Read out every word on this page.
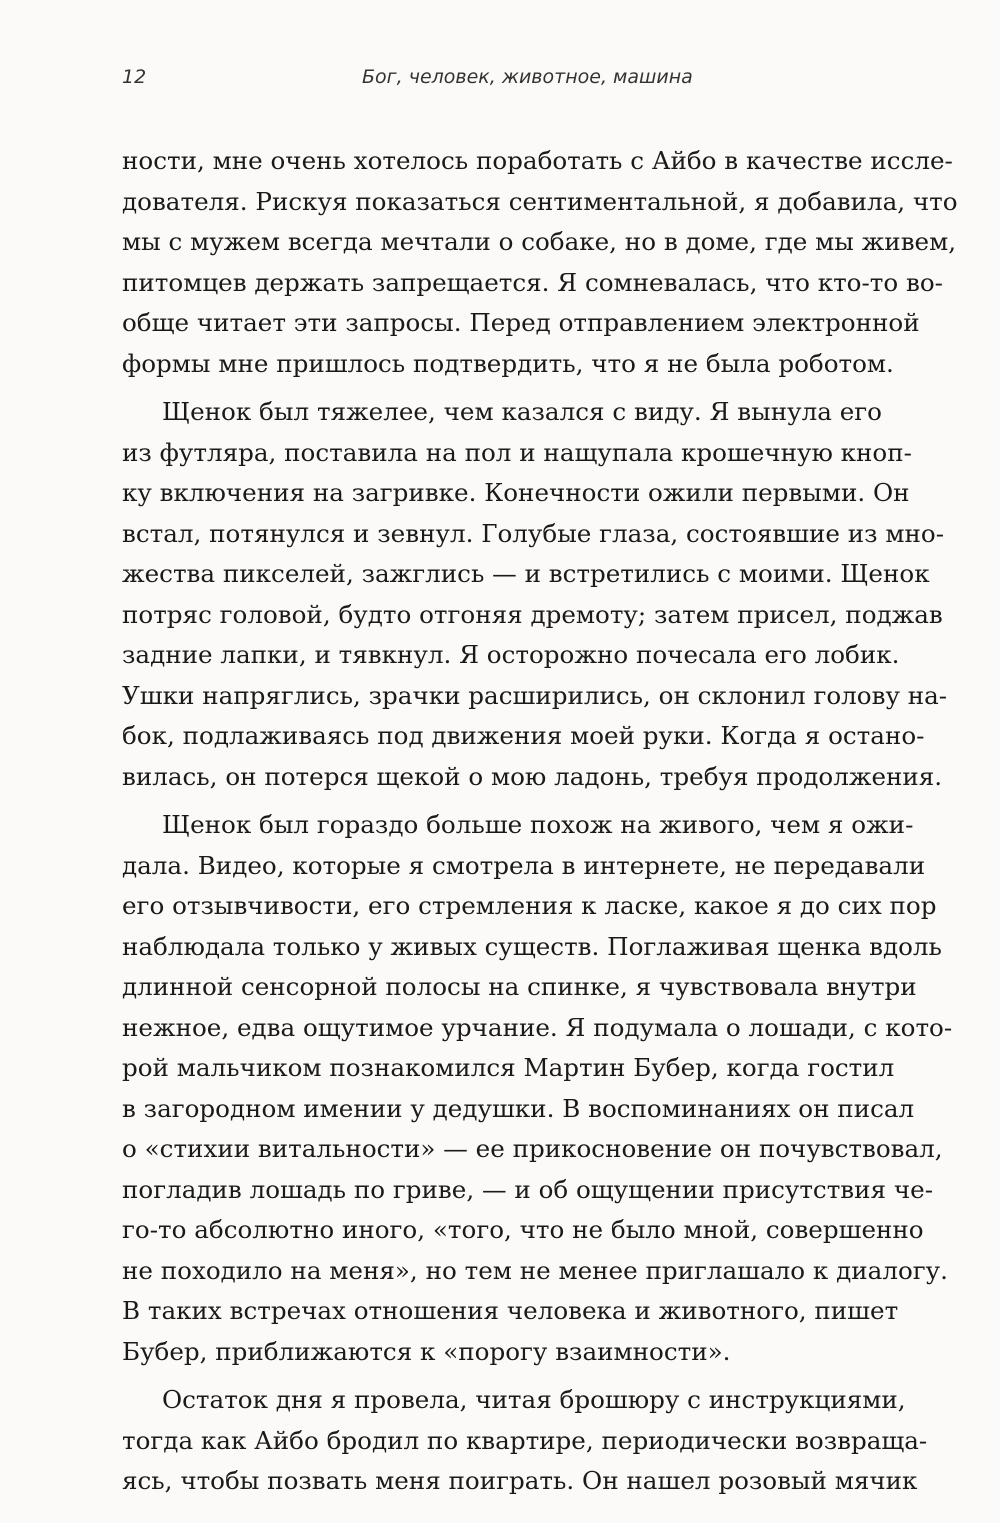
12	Бог, человек, животное, машина
ности, мне очень хотелось поработать с Айбо в качестве иссле-
дователя. Рискуя показаться сентиментальной, я добавила, что
мы с мужем всегда мечтали о собаке, но в доме, где мы живем,
питомцев держать запрещается. Я сомневалась, что кто-то во-
обще читает эти запросы. Перед отправлением электронной
формы мне пришлось подтвердить, что я не была роботом.
Щенок был тяжелее, чем казался с виду. Я вынула его
из футляра, поставила на пол и нащупала крошечную кноп-
ку включения на загривке. Конечности ожили первыми. Он
встал, потянулся и зевнул. Голубые глаза, состоявшие из мно-
жества пикселей, зажглись — и встретились с моими. Щенок
потряс головой, будто отгоняя дремоту; затем присел, поджав
задние лапки, и тявкнул. Я осторожно почесала его лобик.
Ушки напряглись, зрачки расширились, он склонил голову на-
бок, подлаживаясь под движения моей руки. Когда я остано-
вилась, он потерся щекой о мою ладонь, требуя продолжения.
Щенок был гораздо больше похож на живого, чем я ожи-
дала. Видео, которые я смотрела в интернете, не передавали
его отзывчивости, его стремления к ласке, какое я до сих пор
наблюдала только у живых существ. Поглаживая щенка вдоль
длинной сенсорной полосы на спинке, я чувствовала внутри
нежное, едва ощутимое урчание. Я подумала о лошади, с кото-
рой мальчиком познакомился Мартин Бубер, когда гостил
в загородном имении у дедушки. В воспоминаниях он писал
о «стихии витальности» — ее прикосновение он почувствовал,
погладив лошадь по гриве, — и об ощущении присутствия че-
го-то абсолютно иного, «того, что не было мной, совершенно
не походило на меня», но тем не менее приглашало к диалогу.
В таких встречах отношения человека и животного, пишет
Бубер, приближаются к «порогу взаимности».
Остаток дня я провела, читая брошюру с инструкциями,
тогда как Айбо бродил по квартире, периодически возвраща-
ясь, чтобы позвать меня поиграть. Он нашел розовый мячик
